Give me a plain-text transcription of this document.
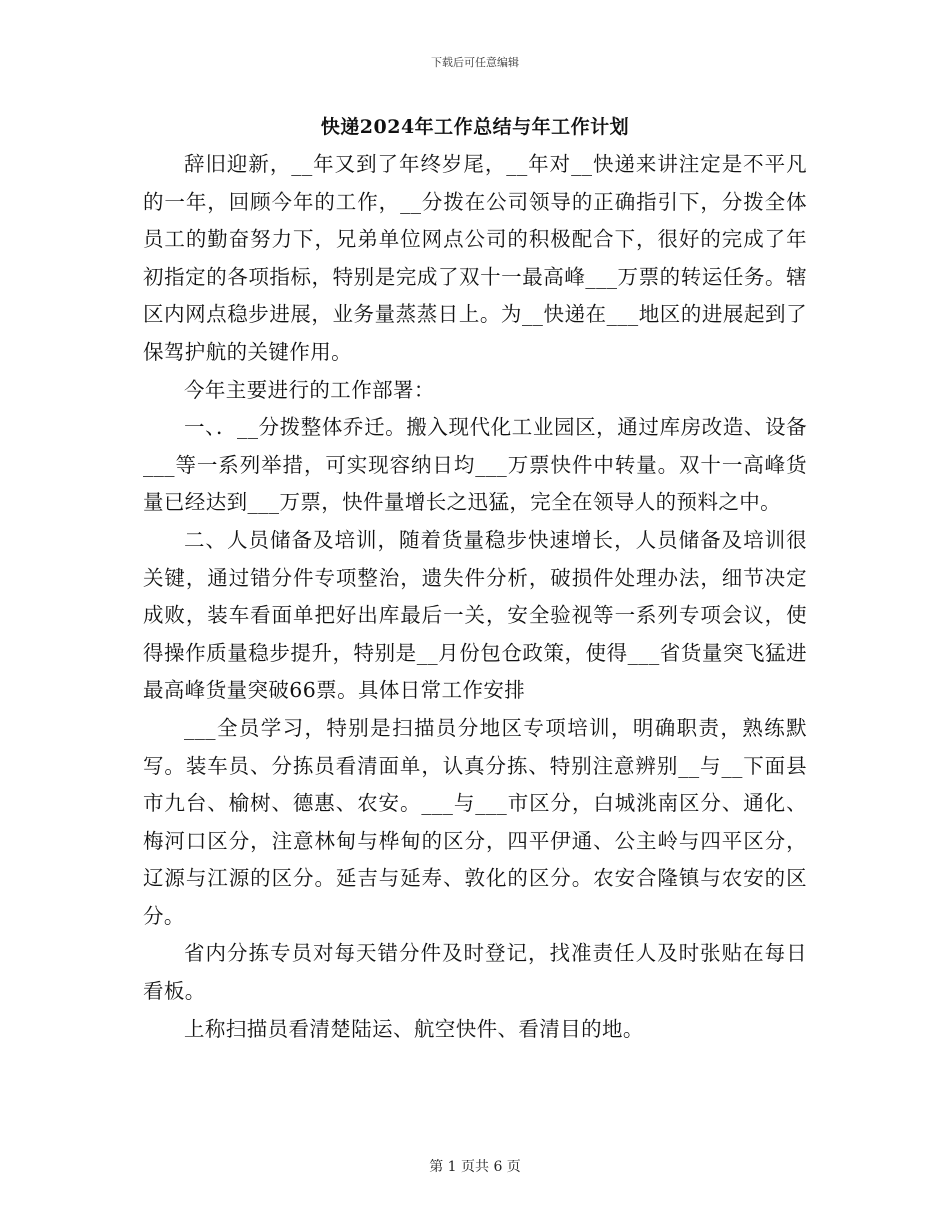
下载后可任意编辑
快递2024年工作总结与年工作计划

辞旧迎新，__年又到了年终岁尾，__年对__快递来讲注定是不平凡的一年，回顾今年的工作，__分拨在公司领导的正确指引下，分拨全体员工的勤奋努力下，兄弟单位网点公司的积极配合下，很好的完成了年初指定的各项指标，特别是完成了双十一最高峰___万票的转运任务。辖区内网点稳步进展，业务量蒸蒸日上。为__快递在___地区的进展起到了保驾护航的关键作用。

今年主要进行的工作部署：

一、．__分拨整体乔迁。搬入现代化工业园区，通过库房改造、设备___等一系列举措，可实现容纳日均___万票快件中转量。双十一高峰货量已经达到___万票，快件量增长之迅猛，完全在领导人的预料之中。

二、人员储备及培训，随着货量稳步快速增长，人员储备及培训很关键，通过错分件专项整治，遗失件分析，破损件处理办法，细节决定成败，装车看面单把好出库最后一关，安全验视等一系列专项会议，使得操作质量稳步提升，特别是__月份包仓政策，使得___省货量突飞猛进最高峰货量突破66票。具体日常工作安排

___全员学习，特别是扫描员分地区专项培训，明确职责，熟练默写。装车员、分拣员看清面单，认真分拣、特别注意辨别__与__下面县市九台、榆树、德惠、农安。___与___市区分，白城洮南区分、通化、梅河口区分，注意林甸与桦甸的区分，四平伊通、公主岭与四平区分，辽源与江源的区分。延吉与延寿、敦化的区分。农安合隆镇与农安的区分。

省内分拣专员对每天错分件及时登记，找准责任人及时张贴在每日看板。

上称扫描员看清楚陆运、航空快件、看清目的地。

第 1 页共 6 页
